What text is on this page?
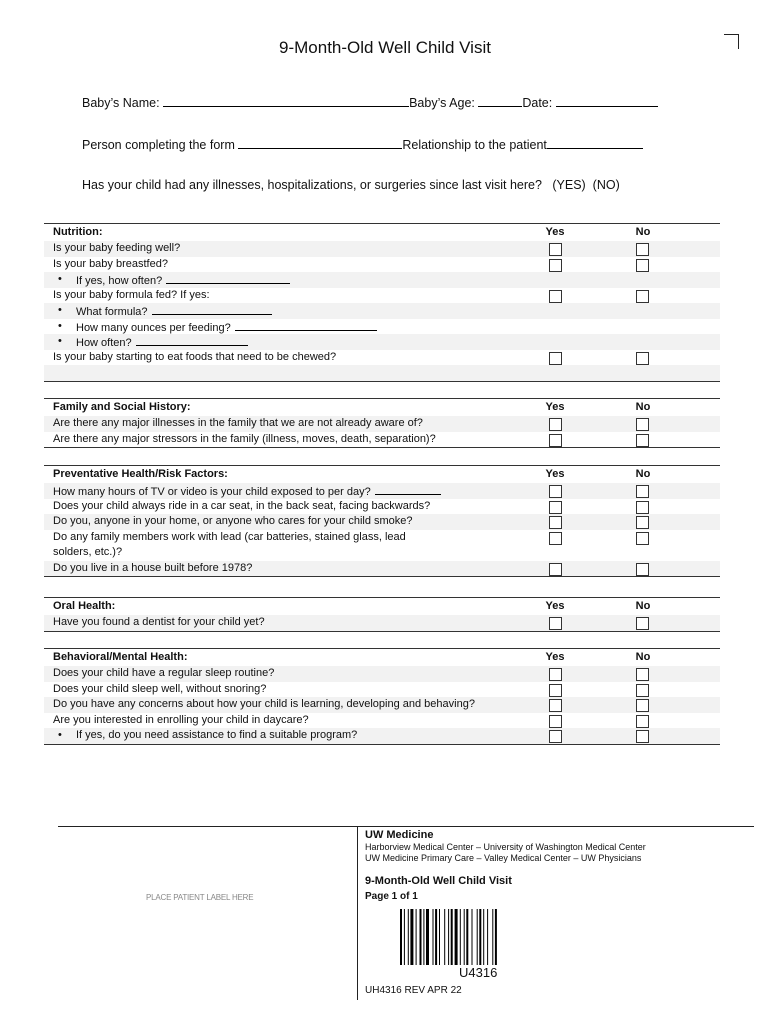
9-Month-Old Well Child Visit
Baby’s Name:	Baby’s Age:	Date:
Person completing the form	Relationship to the patient
Has your child had any illnesses, hospitalizations, or surgeries since last visit here? (YES) (NO)
Nutrition:	Yes	No
Is your baby feeding well?
Is your baby breastfed?
• If yes, how often?
Is your baby formula fed? If yes:
• What formula?
• How many ounces per feeding?
• How often?
Is your baby starting to eat foods that need to be chewed?
Family and Social History:	Yes	No
Are there any major illnesses in the family that we are not already aware of?
Are there any major stressors in the family (illness, moves, death, separation)?
Preventative Health/Risk Factors:	Yes	No
How many hours of TV or video is your child exposed to per day?
Does your child always ride in a car seat, in the back seat, facing backwards?
Do you, anyone in your home, or anyone who cares for your child smoke?
Do any family members work with lead (car batteries, stained glass, lead
solders, etc.)?
Do you live in a house built before 1978?
Oral Health:	Yes	No
Have you found a dentist for your child yet?
Behavioral/Mental Health:	Yes	No
Does your child have a regular sleep routine?
Does your child sleep well, without snoring?
Do you have any concerns about how your child is learning, developing and behaving?
Are you interested in enrolling your child in daycare?
• If yes, do you need assistance to find a suitable program?
PLACE PATIENT LABEL HERE
UW Medicine
Harborview Medical Center – University of Washington Medical Center
UW Medicine Primary Care – Valley Medical Center – UW Physicians
9-Month-Old Well Child Visit
Page 1 of 1
U4316
UH4316 REV APR 22
